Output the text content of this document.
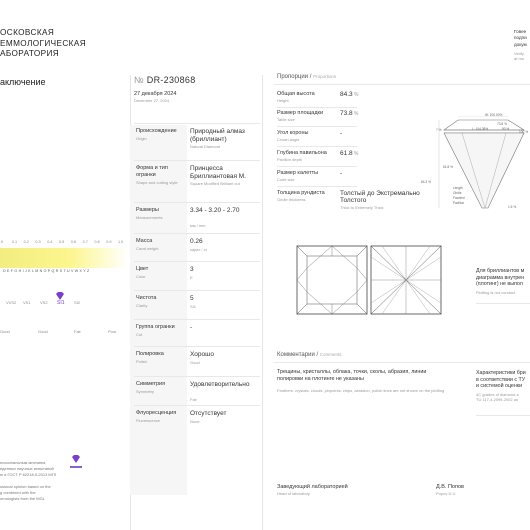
ОСКОВСКАЯ
ЕММОЛОГИЧЕСКАЯ
АБОРАТОРИЯ
аключение	№ DR-230868
27 декабря 2024
December 27, 2024
Происхождение
Origin
Природный алмаз (бриллиант)
Natural Diamond
Форма и тип огранки
Shape and cutting style
Принцесса Бриллиантовая М.
Square Modified Brilliant cut
Размеры
Measurements
3.34 - 3.20 - 2.70
мм / mm
Масса
Carat weight
0.26
карат / ct
Цвет
Color
3
E
Чистота
Clarity
5
SI1
Группа огранки
Cut
-
Полировка
Polish
Хорошо
Good
Симметрия
Symmetry
Удовлетворительно
Fair
Флуоресценция
Fluorescence
Отсутствует
None
.0 0.1 0.2 0.3 0.4 0.5 0.6 0.7 0.8 0.9 1.0
D E F G H I J K L M N O P Q R S T U V W X Y Z
VVS2 VS1 VS2 SI1 SI2
Good	Good	Fair	Poor
ессиональным мнением,
еденных научных испытаний
ю и ГОСТ Р 62218.0-2013 МГЛ
ssional opinion based on the
g combined with the
ornologists from the MGL
Пропорции / Proportions
Общая высота
Height
84.3 %
Размер площадки
Table size
73.8 %
Угол короны
Crown angle
-
Глубина павильона
Pavilion depth
61.8 %
Размер калетты
Culet size
-
Толщина рундиста
Girdle thickness
Толстый до Экстремально Толстого
Thick to Extremely Thick
W: 100.00%
L: 104.38%	90 %
73.8 %
100 %
7 %
61.8 %
84.3 %
Length
Girdle
Faceted
Pavilion
1.5 %
Для бриллиантов м
диаграмма внутрен
(плотинг) не выпол
Plotting is not conduct
Комментарии / Comments
Трещины, кристаллы, облака, точки, сколы, абразия, линии полировки на плотинге не указаны
Feathers, crystals, clouds, pinpoints, chips, abrasion, polish lines are not shown on the plotting
Характеристики бри
в соответствии с ТУ
и системой оценки
4C grades of diamond a
TU 117-4.2099-2002 an
Заведующий лабораторией
Head of laboratory
Д.В. Попов
Popov D.V.
Говее
подпи
докум
Verify
at mo
